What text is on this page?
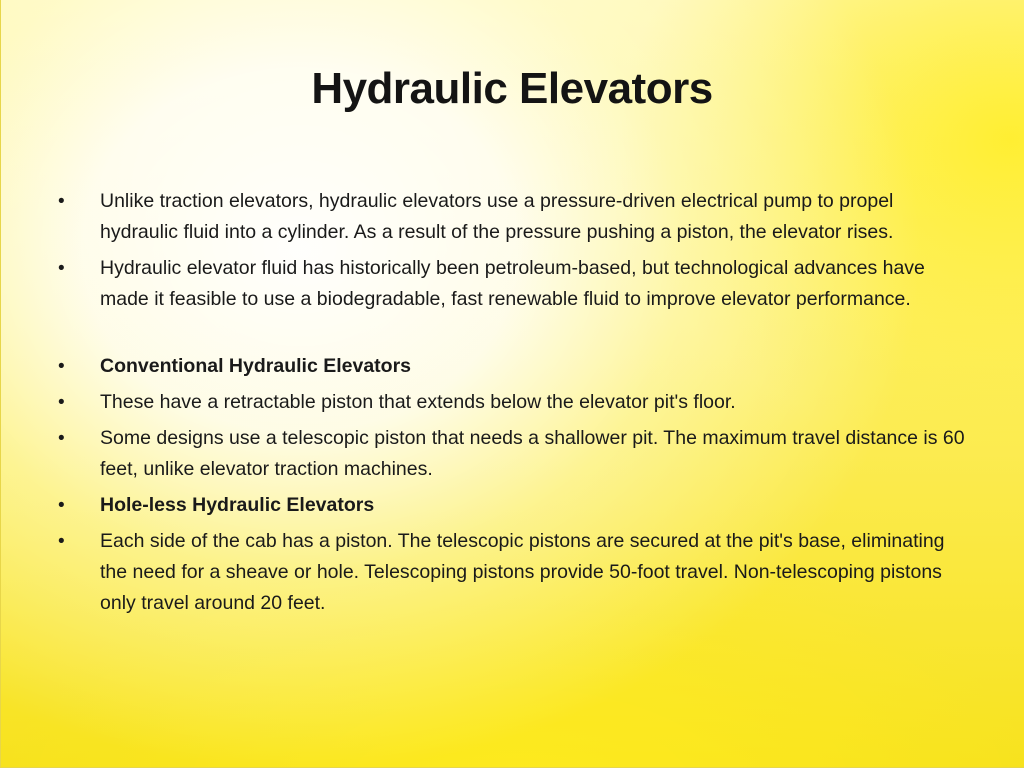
Hydraulic Elevators
•	Unlike traction elevators, hydraulic elevators use a pressure-driven electrical pump to propel hydraulic fluid into a cylinder. As a result of the pressure pushing a piston, the elevator rises.
•	Hydraulic elevator fluid has historically been petroleum-based, but technological advances have made it feasible to use a biodegradable, fast renewable fluid to improve elevator performance.
•	Conventional Hydraulic Elevators
•	These have a retractable piston that extends below the elevator pit's floor.
•	Some designs use a telescopic piston that needs a shallower pit. The maximum travel distance is 60 feet, unlike elevator traction machines.
•	Hole-less Hydraulic Elevators
•	Each side of the cab has a piston. The telescopic pistons are secured at the pit's base, eliminating the need for a sheave or hole. Telescoping pistons provide 50-foot travel. Non-telescoping pistons only travel around 20 feet.
